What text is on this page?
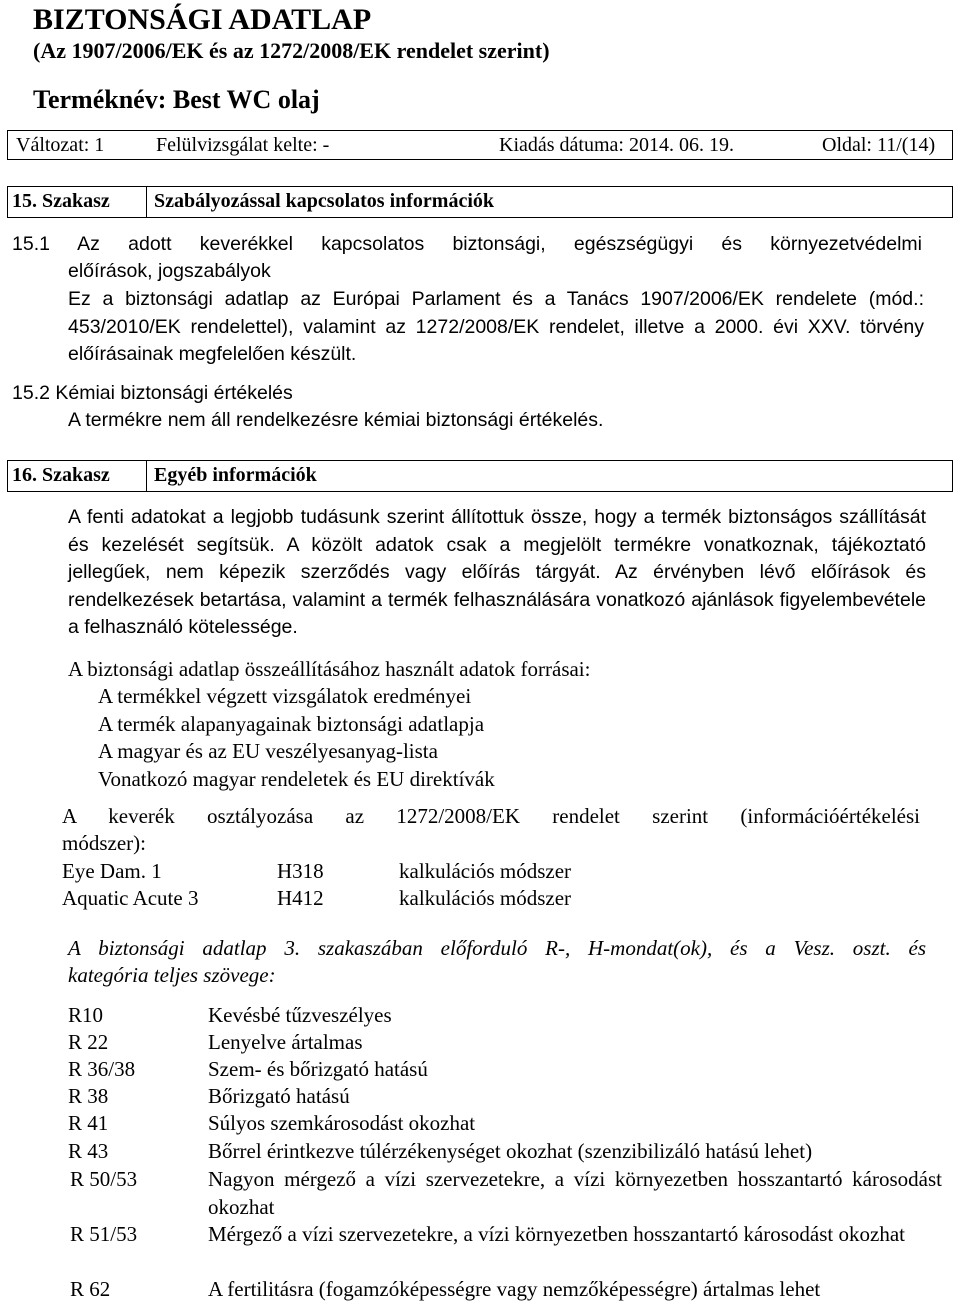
BIZTONSÁGI ADATLAP
(Az 1907/2006/EK és az 1272/2008/EK rendelet szerint)
Terméknév: Best WC olaj
Változat: 1	Felülvizsgálat kelte: -	Kiadás dátuma: 2014. 06. 19.	Oldal: 11/(14)
15. Szakasz Szabályozással kapcsolatos információk
15.1 Az adott keverékkel kapcsolatos biztonsági, egészségügyi és környezetvédelmi
előírások, jogszabályok
Ez a biztonsági adatlap az Európai Parlament és a Tanács 1907/2006/EK rendelete (mód.: 453/2010/EK rendelettel), valamint az 1272/2008/EK rendelet, illetve a 2000. évi XXV. törvény előírásainak megfelelően készült.
15.2 Kémiai biztonsági értékelés
A termékre nem áll rendelkezésre kémiai biztonsági értékelés.
16. Szakasz Egyéb információk
A fenti adatokat a legjobb tudásunk szerint állítottuk össze, hogy a termék biztonságos szállítását és kezelését segítsük. A közölt adatok csak a megjelölt termékre vonatkoznak, tájékoztató jellegűek, nem képezik szerződés vagy előírás tárgyát. Az érvényben lévő előírások és rendelkezések betartása, valamint a termék felhasználására vonatkozó ajánlások figyelembevétele a felhasználó kötelessége.
A biztonsági adatlap összeállításához használt adatok forrásai:
A termékkel végzett vizsgálatok eredményei
A termék alapanyagainak biztonsági adatlapja
A magyar és az EU veszélyesanyag-lista
Vonatkozó magyar rendeletek és EU direktívák
A keverék osztályozása az 1272/2008/EK rendelet szerint (információértékelési
módszer):
Eye Dam. 1	H318	kalkulációs módszer
Aquatic Acute 3	H412	kalkulációs módszer
A biztonsági adatlap 3. szakaszában előforduló R-, H-mondat(ok), és a Vesz. oszt. és
kategória teljes szövege:
R10	Kevésbé tűzveszélyes
R 22	Lenyelve ártalmas
R 36/38	Szem- és bőrizgató hatású
R 38	Bőrizgató hatású
R 41	Súlyos szemkárosodást okozhat
R 43	Bőrrel érintkezve túlérzékenységet okozhat (szenzibilizáló hatású lehet)
R 50/53	Nagyon mérgező a vízi szervezetekre, a vízi környezetben hosszantartó károsodást okozhat
R 51/53	Mérgező a vízi szervezetekre, a vízi környezetben hosszantartó károsodást okozhat
R 62	A fertilitásra (fogamzóképességre vagy nemzőképességre) ártalmas lehet
